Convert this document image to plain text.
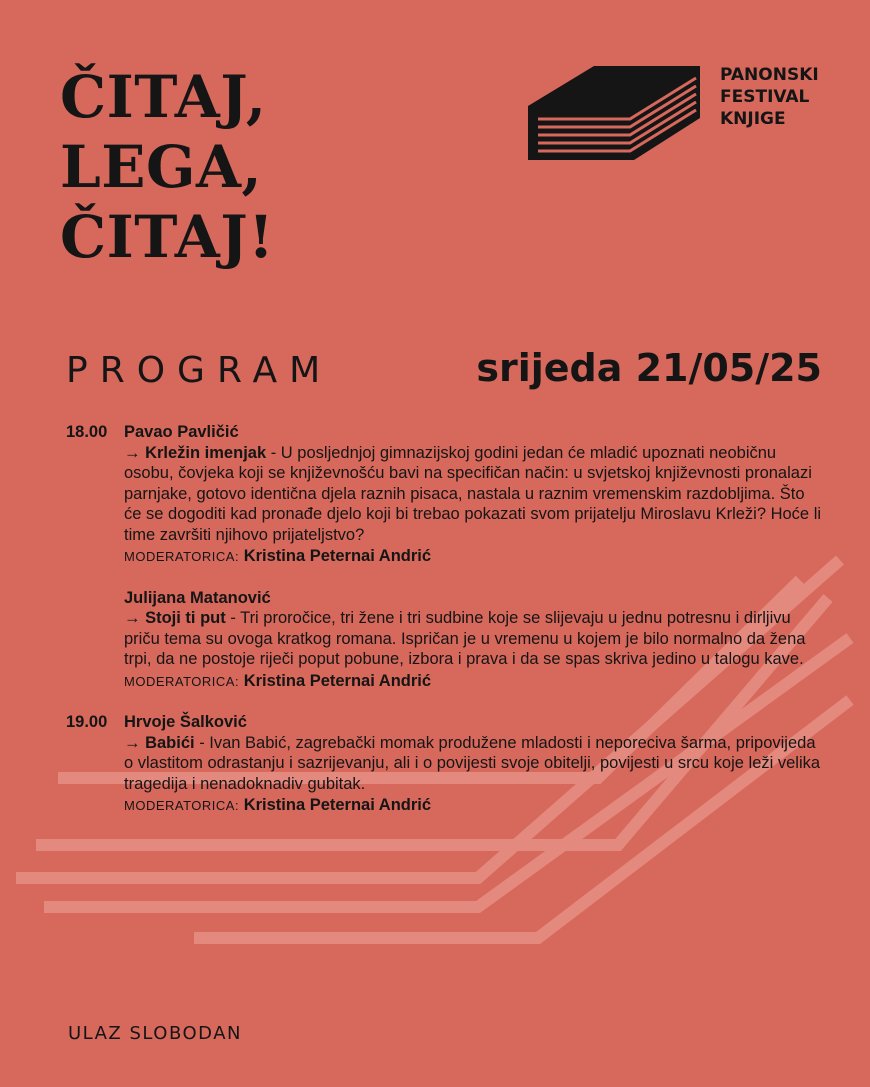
ČITAJ,
LEGA,
ČITAJ!
PANONSKI
FESTIVAL
KNJIGE
PROGRAM	srijeda 21/05/25
18.00 Pavao Pavličić
→ Krležin imenjak - U posljednjoj gimnazijskoj godini jedan će mladić upoznati neobičnu osobu, čovjeka koji se književnošću bavi na specifičan način: u svjetskoj književnosti pronalazi parnjake, gotovo identična djela raznih pisaca, nastala u raznim vremenskim razdobljima. Što će se dogoditi kad pronađe djelo koji bi trebao pokazati svom prijatelju Miroslavu Krleži? Hoće li time završiti njihovo prijateljstvo?
MODERATORICA: Kristina Peternai Andrić
Julijana Matanović
→ Stoji ti put - Tri proročice, tri žene i tri sudbine koje se slijevaju u jednu potresnu i dirljivu priču tema su ovoga kratkog romana. Ispričan je u vremenu u kojem je bilo normalno da žena trpi, da ne postoje riječi poput pobune, izbora i prava i da se spas skriva jedino u talogu kave.
MODERATORICA: Kristina Peternai Andrić
19.00 Hrvoje Šalković
→ Babići - Ivan Babić, zagrebački momak produžene mladosti i neporeciva šarma, pripovijeda o vlastitom odrastanju i sazrijevanju, ali i o povijesti svoje obitelji, povijesti u srcu koje leži velika tragedija i nenadoknadiv gubitak.
MODERATORICA: Kristina Peternai Andrić
ULAZ SLOBODAN
